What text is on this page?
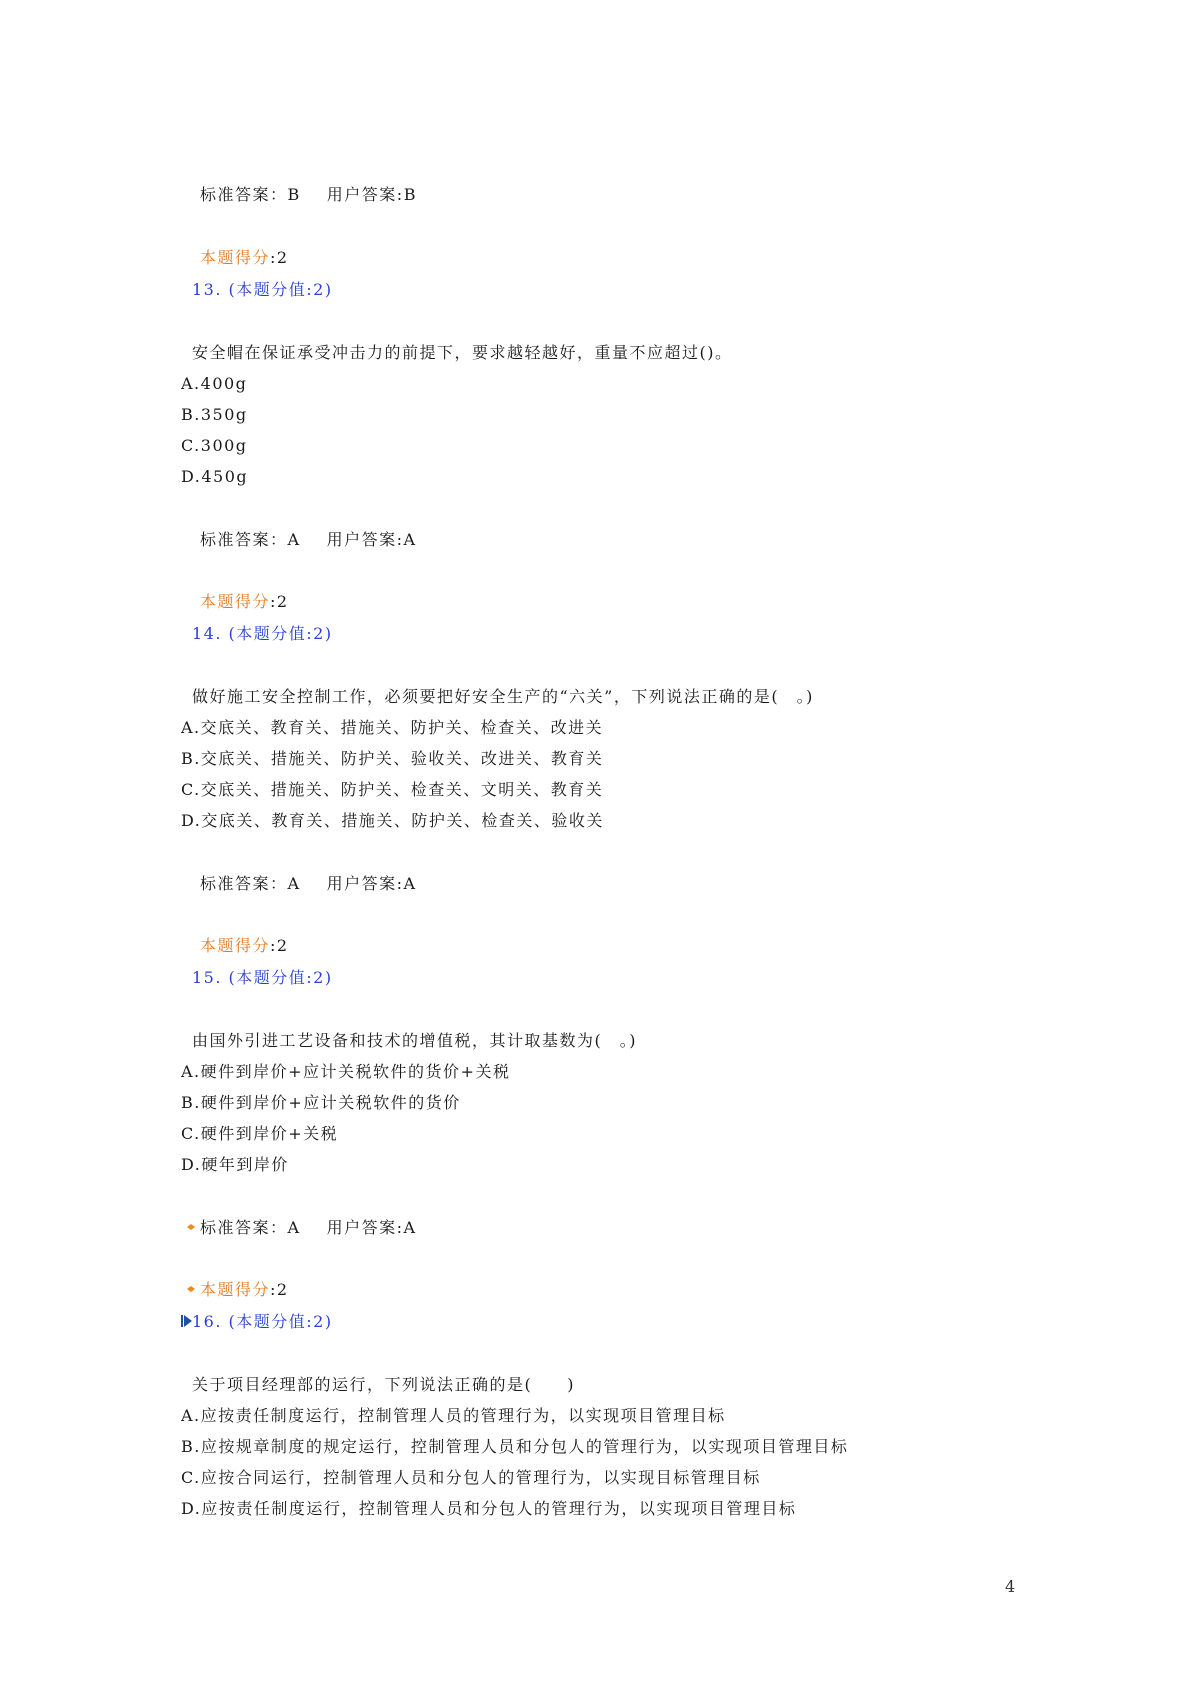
标准答案：B 用户答案:B
本题得分:2
13. (本题分值:2)
安全帽在保证承受冲击力的前提下，要求越轻越好，重量不应超过()。
A.400g
B.350g
C.300g
D.450g
标准答案：A 用户答案:A
本题得分:2
14. (本题分值:2)
做好施工安全控制工作，必须要把好安全生产的“六关”，下列说法正确的是(　。)
A.交底关、教育关、措施关、防护关、检查关、改进关
B.交底关、措施关、防护关、验收关、改进关、教育关
C.交底关、措施关、防护关、检查关、文明关、教育关
D.交底关、教育关、措施关、防护关、检查关、验收关
标准答案：A 用户答案:A
本题得分:2
15. (本题分值:2)
由国外引进工艺设备和技术的增值税，其计取基数为(　。)
A.硬件到岸价+应计关税软件的货价+关税
B.硬件到岸价+应计关税软件的货价
C.硬件到岸价+关税
D.硬年到岸价
标准答案：A 用户答案:A
本题得分:2
16. (本题分值:2)
关于项目经理部的运行，下列说法正确的是(　　)
A.应按责任制度运行，控制管理人员的管理行为，以实现项目管理目标
B.应按规章制度的规定运行，控制管理人员和分包人的管理行为，以实现项目管理目标
C.应按合同运行，控制管理人员和分包人的管理行为，以实现目标管理目标
D.应按责任制度运行，控制管理人员和分包人的管理行为，以实现项目管理目标
4
